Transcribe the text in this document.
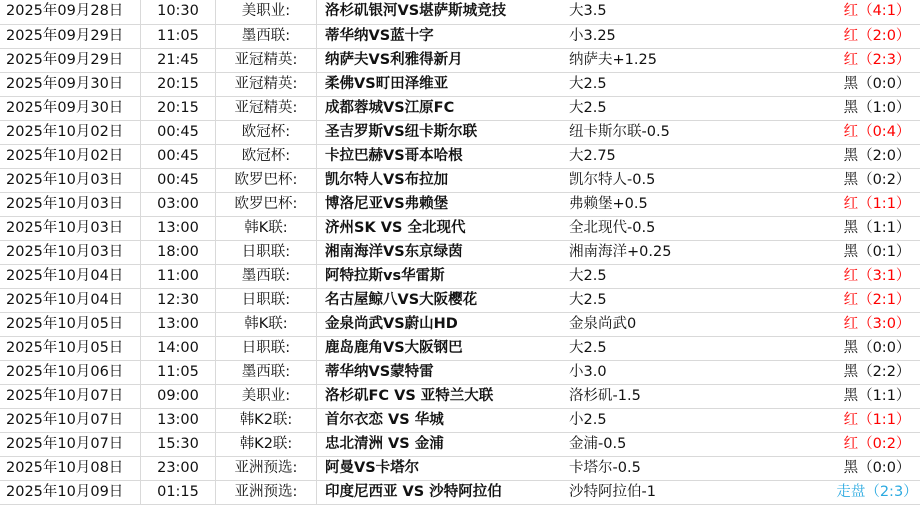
2025年09月28日	10:30	美职业:	洛杉矶银河VS堪萨斯城竞技	大3.5	红（4:1）
2025年09月29日	11:05	墨西联:	蒂华纳VS蓝十字	小3.25	红（2:0）
2025年09月29日	21:45	亚冠精英:	纳萨夫VS利雅得新月	纳萨夫+1.25	红（2:3）
2025年09月30日	20:15	亚冠精英:	柔佛VS町田泽维亚	大2.5	黑（0:0）
2025年09月30日	20:15	亚冠精英:	成都蓉城VS江原FC	大2.5	黑（1:0）
2025年10月02日	00:45	欧冠杯:	圣吉罗斯VS纽卡斯尔联	纽卡斯尔联-0.5	红（0:4）
2025年10月02日	00:45	欧冠杯:	卡拉巴赫VS哥本哈根	大2.75	黑（2:0）
2025年10月03日	00:45	欧罗巴杯:	凯尔特人VS布拉加	凯尔特人-0.5	黑（0:2）
2025年10月03日	03:00	欧罗巴杯:	博洛尼亚VS弗赖堡	弗赖堡+0.5	红（1:1）
2025年10月03日	13:00	韩K联:	济州SK VS 全北现代	全北现代-0.5	黑（1:1）
2025年10月03日	18:00	日职联:	湘南海洋VS东京绿茵	湘南海洋+0.25	黑（0:1）
2025年10月04日	11:00	墨西联:	阿特拉斯vs华雷斯	大2.5	红（3:1）
2025年10月04日	12:30	日职联:	名古屋鲸八VS大阪樱花	大2.5	红（2:1）
2025年10月05日	13:00	韩K联:	金泉尚武VS蔚山HD	金泉尚武0	红（3:0）
2025年10月05日	14:00	日职联:	鹿岛鹿角VS大阪钢巴	大2.5	黑（0:0）
2025年10月06日	11:05	墨西联:	蒂华纳VS蒙特雷	小3.0	黑（2:2）
2025年10月07日	09:00	美职业:	洛杉矶FC VS 亚特兰大联	洛杉矶-1.5	黑（1:1）
2025年10月07日	13:00	韩K2联:	首尔衣恋 VS 华城	小2.5	红（1:1）
2025年10月07日	15:30	韩K2联:	忠北清洲 VS 金浦	金浦-0.5	红（0:2）
2025年10月08日	23:00	亚洲预选:	阿曼VS卡塔尔	卡塔尔-0.5	黑（0:0）
2025年10月09日	01:15	亚洲预选:	印度尼西亚 VS 沙特阿拉伯	沙特阿拉伯-1	走盘（2:3）
